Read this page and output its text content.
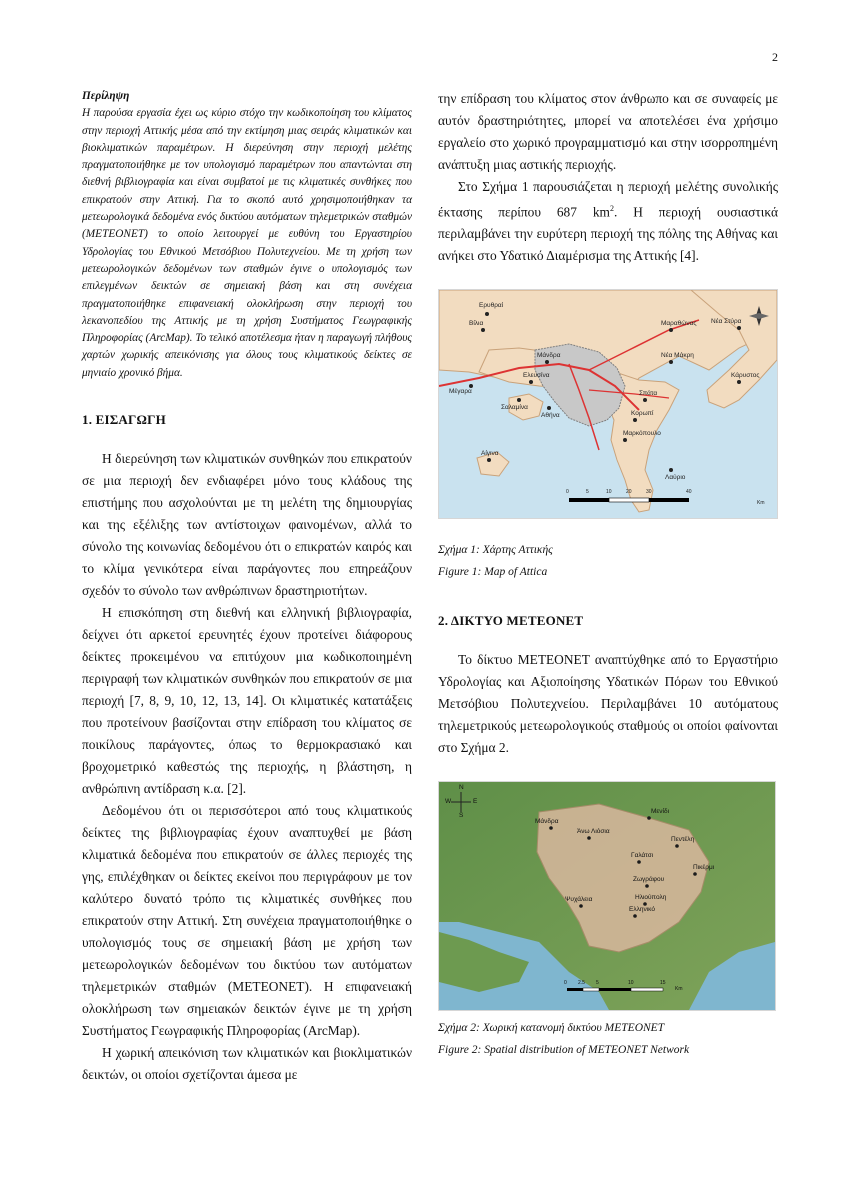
2

Περίληψη
Η παρούσα εργασία έχει ως κύριο στόχο την κωδικοποίηση του κλίματος στην περιοχή Αττικής μέσα από την εκτίμηση μιας σειράς κλιματικών και βιοκλιματικών παραμέτρων. Η διερεύνηση στην περιοχή μελέτης πραγματοποιήθηκε με τον υπολογισμό παραμέτρων που απαντώνται στη διεθνή βιβλιογραφία και είναι συμβατοί με τις κλιματικές συνθήκες που επικρατούν στην Αττική. Για το σκοπό αυτό χρησιμοποιήθηκαν τα μετεωρολογικά δεδομένα ενός δικτύου αυτόματων τηλεμετρικών σταθμών (METEONET) το οποίο λειτουργεί με ευθύνη του Εργαστηρίου Υδρολογίας του Εθνικού Μετσόβιου Πολυτεχνείου. Με τη χρήση των μετεωρολογικών δεδομένων των σταθμών έγινε ο υπολογισμός των επιλεγμένων δεικτών σε σημειακή βάση και στη συνέχεια πραγματοποιήθηκε επιφανειακή ολοκλήρωση στην περιοχή του λεκανοπεδίου της Αττικής με τη χρήση Συστήματος Γεωγραφικής Πληροφορίας (ArcMap). Το τελικό αποτέλεσμα ήταν η παραγωγή πλήθους χαρτών χωρικής απεικόνισης για όλους τους κλιματικούς δείκτες σε μηνιαίο χρονικό βήμα.

1. ΕΙΣΑΓΩΓΗ

Η διερεύνηση των κλιματικών συνθηκών που επικρατούν σε μια περιοχή δεν ενδιαφέρει μόνο τους κλάδους της επιστήμης που ασχολούνται με τη μελέτη της δημιουργίας και της εξέλιξης των αντίστοιχων φαινομένων, αλλά το σύνολο της κοινωνίας δεδομένου ότι ο επικρατών καιρός και το κλίμα γενικότερα είναι παράγοντες που επηρεάζουν σχεδόν το σύνολο των ανθρώπινων δραστηριοτήτων.

Η επισκόπηση στη διεθνή και ελληνική βιβλιογραφία, δείχνει ότι αρκετοί ερευνητές έχουν προτείνει διάφορους δείκτες προκειμένου να επιτύχουν μια κωδικοποιημένη περιγραφή των κλιματικών συνθηκών που επικρατούν σε μια περιοχή [7, 8, 9, 10, 12, 13, 14]. Οι κλιματικές κατατάξεις που προτείνουν βασίζονται στην επίδραση του κλίματος σε ποικίλους παράγοντες, όπως το θερμοκρασιακό και βροχομετρικό καθεστώς της περιοχής, η βλάστηση, η ανθρώπινη αντίδραση κ.α. [2].

Δεδομένου ότι οι περισσότεροι από τους κλιματικούς δείκτες της βιβλιογραφίας έχουν αναπτυχθεί με βάση κλιματικά δεδομένα που επικρατούν σε άλλες περιοχές της γης, επιλέχθηκαν οι δείκτες εκείνοι που περιγράφουν με τον καλύτερο δυνατό τρόπο τις κλιματικές συνθήκες που επικρατούν στην Αττική. Στη συνέχεια πραγματοποιήθηκε ο υπολογισμός τους σε σημειακή βάση με χρήση των μετεωρολογικών δεδομένων του δικτύου των αυτόματων τηλεμετρικών σταθμών (METEONET). Η επιφανειακή ολοκλήρωση των σημειακών δεικτών έγινε με τη χρήση Συστήματος Γεωγραφικής Πληροφορίας (ArcMap).

Η χωρική απεικόνιση των κλιματικών και βιοκλιματικών δεικτών, οι οποίοι σχετίζονται άμεσα με

την επίδραση του κλίματος στον άνθρωπο και σε συναφείς με αυτόν δραστηριότητες, μπορεί να αποτελέσει ένα χρήσιμο εργαλείο στο χωρικό προγραμματισμό και στην ισορροπημένη ανάπτυξη μιας αστικής περιοχής.

Στο Σχήμα 1 παρουσιάζεται η περιοχή μελέτης συνολικής έκτασης περίπου 687 $km^2$. Η περιοχή ουσιαστικά περιλαμβάνει την ευρύτερη περιοχή της πόλης της Αθήνας και ανήκει στο Υδατικό Διαμέρισμα της Αττικής [4].

Ερυθραί
Βίλια	Μαραθώνας Νέα Στύρα
Μάνδρα	Νέα Μάκρη
Μέγαρα
Ελευσίνα	Κάρυστος
Σαλαμίνα
Σπάτα
Αθήνα	Κορωπί
Αίγινα
Μαρκόπουλο
Λαύριο
0	5	10	20	30	40
Km

Σχήμα 1: Χάρτης Αττικής

Figure 1: Map of Attica

2. ΔΙΚΤΥΟ METEONET

Το δίκτυο METEONET αναπτύχθηκε από το Εργαστήριο Υδρολογίας και Αξιοποίησης Υδατικών Πόρων του Εθνικού Μετσόβιου Πολυτεχνείου. Περιλαμβάνει 10 αυτόματους τηλεμετρικούς μετεωρολογικούς σταθμούς οι οποίοι φαίνονται στο Σχήμα 2.

N
W	E
S
Μενίδι
Μάνδρα
Άνω Λιόσια
Πεντέλη
Γαλάτσι
Πικέρμι
Ζωγράφου
Ψυχάλεια	Ηλιούπολη
Ελληνικό
0 2.5 5	10	15
Km

Σχήμα 2: Χωρική κατανομή δικτύου METEONET

Figure 2: Spatial distribution of METEONET Network
